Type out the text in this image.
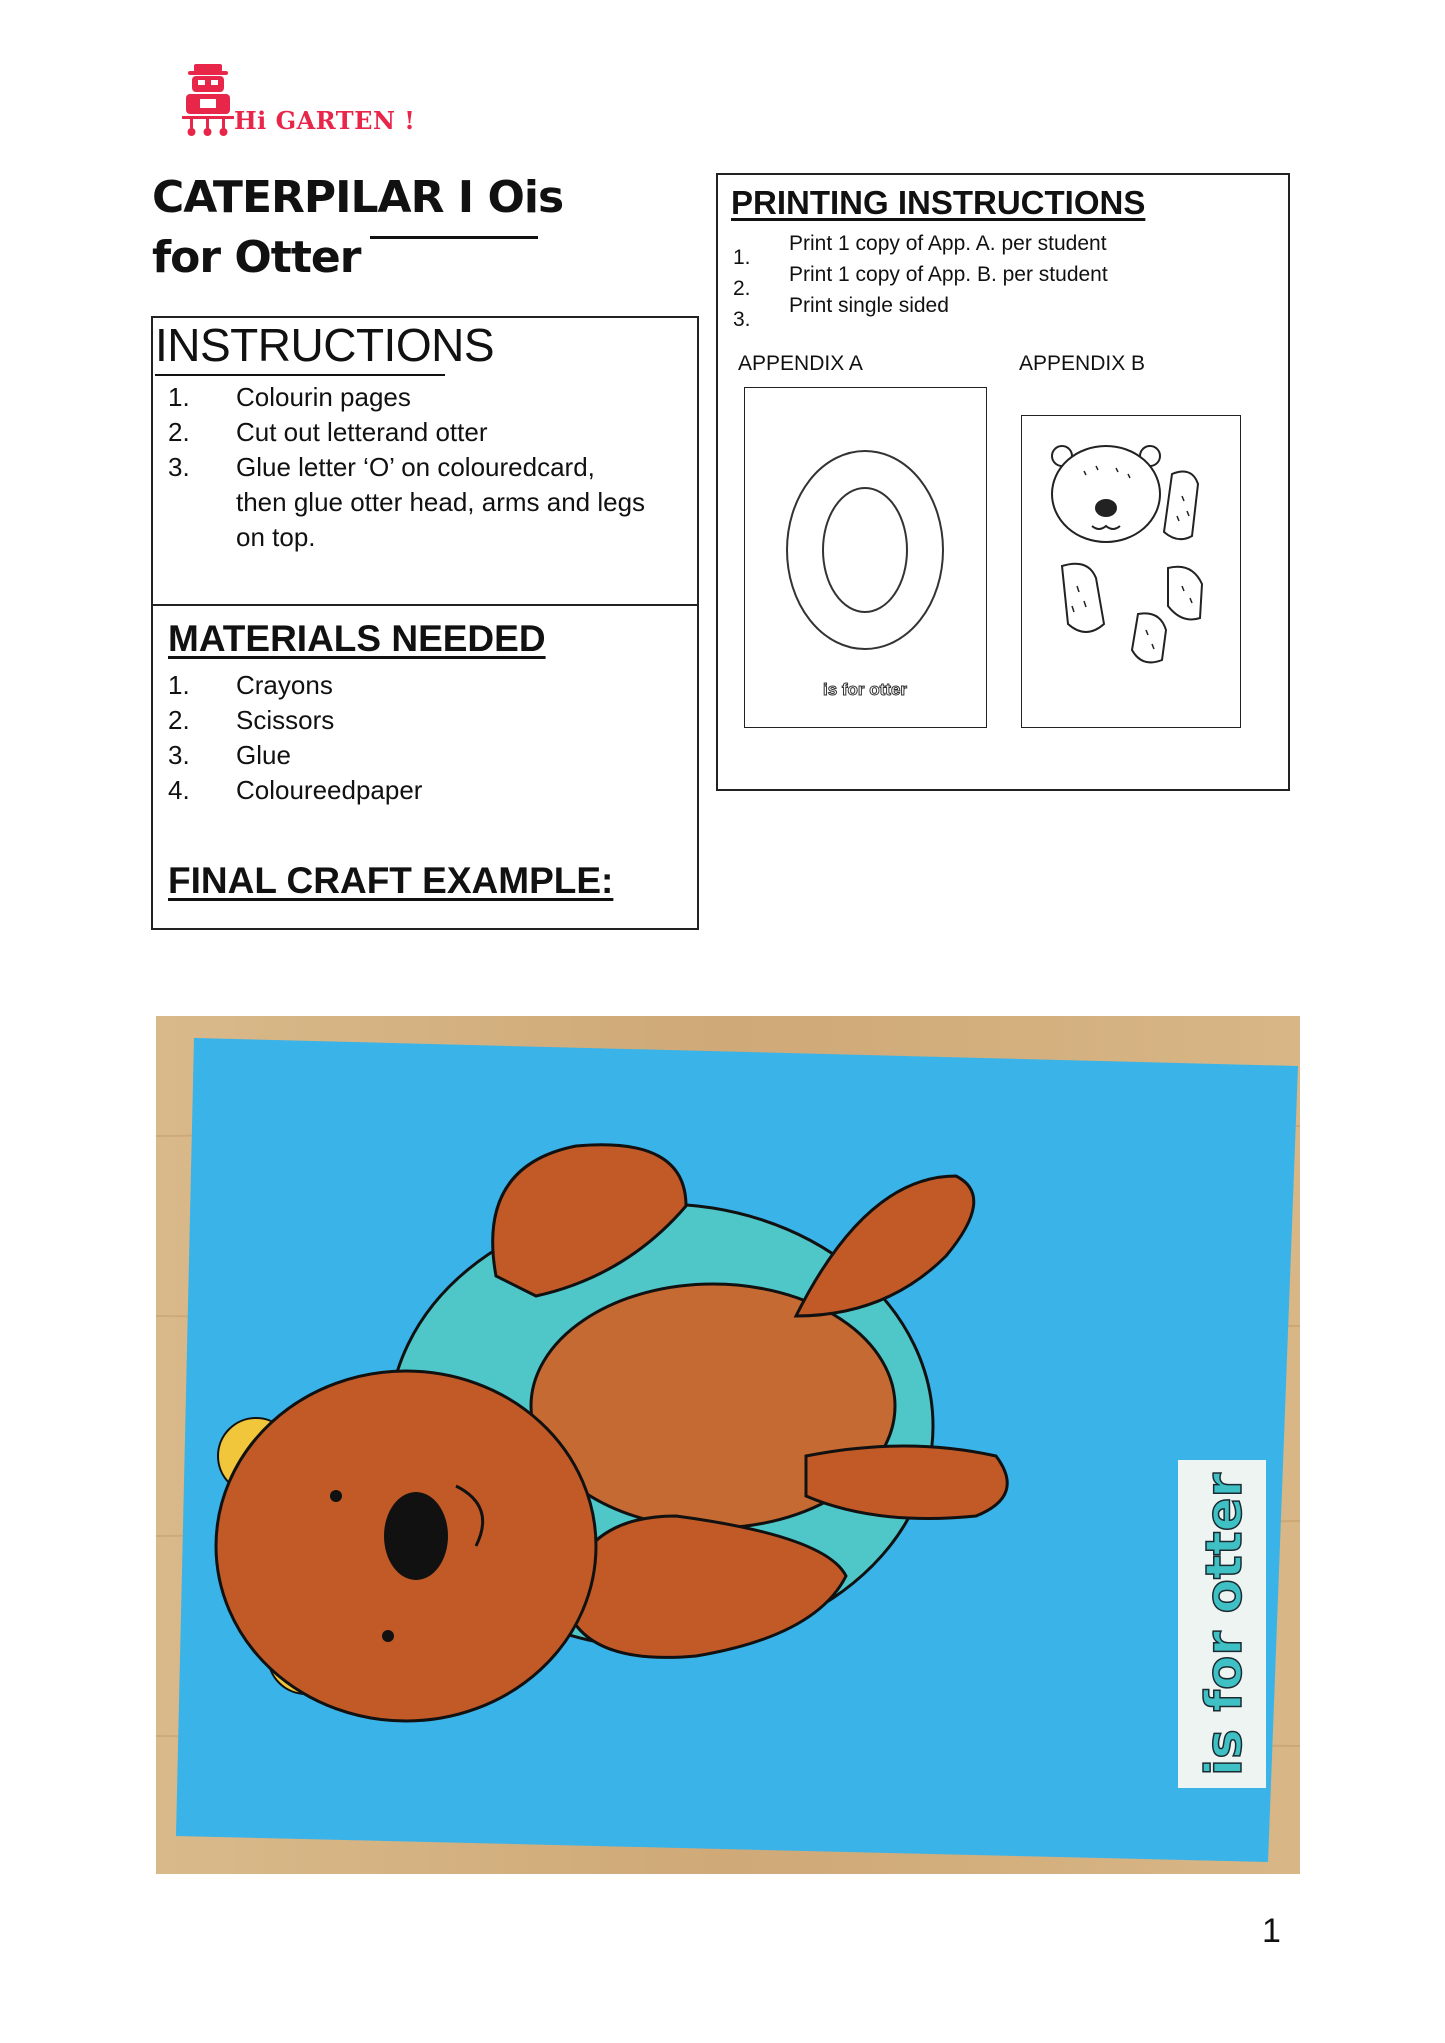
Hi GARTEN !
CATERPILAR I Ois for Otter
INSTRUCTIONS
1. Colourin pages
2. Cut out letterand otter
3. Glue letter ‘O’ on colouredcard,
then glue otter head, arms and legs
on top.
MATERIALS NEEDED
1. Crayons
2. Scissors
3. Glue
4. Coloureedpaper
FINAL CRAFT EXAMPLE:
PRINTING INSTRUCTIONS
1.
2.
3.
Print 1 copy of App. A. per student
Print 1 copy of App. B. per student
Print single sided
APPENDIX A	APPENDIX B
is for otter
is for otter
1
